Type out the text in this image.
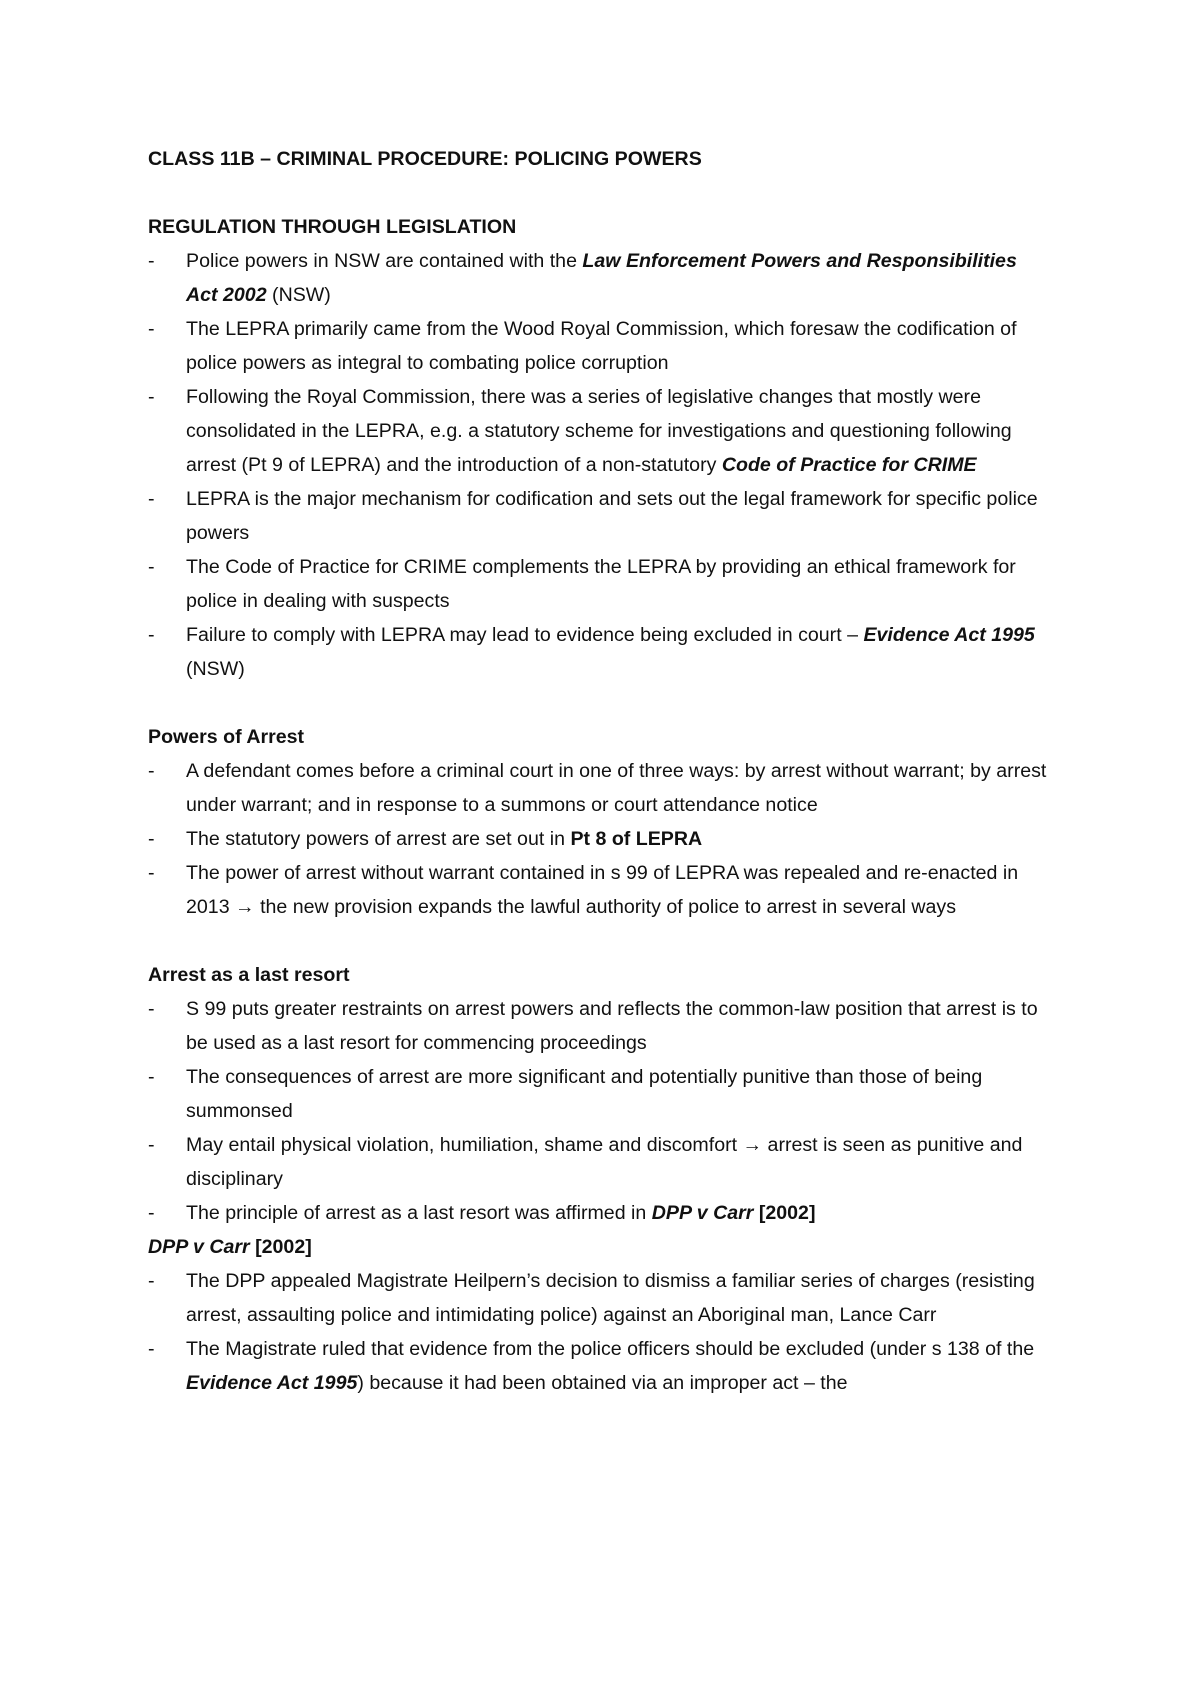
CLASS 11B – CRIMINAL PROCEDURE: POLICING POWERS

REGULATION THROUGH LEGISLATION

- Police powers in NSW are contained with the Law Enforcement Powers and Responsibilities Act 2002 (NSW)
- The LEPRA primarily came from the Wood Royal Commission, which foresaw the codification of police powers as integral to combating police corruption
- Following the Royal Commission, there was a series of legislative changes that mostly were consolidated in the LEPRA, e.g. a statutory scheme for investigations and questioning following arrest (Pt 9 of LEPRA) and the introduction of a non-statutory Code of Practice for CRIME
- LEPRA is the major mechanism for codification and sets out the legal framework for specific police powers
- The Code of Practice for CRIME complements the LEPRA by providing an ethical framework for police in dealing with suspects
- Failure to comply with LEPRA may lead to evidence being excluded in court – Evidence Act 1995 (NSW)

Powers of Arrest

- A defendant comes before a criminal court in one of three ways: by arrest without warrant; by arrest under warrant; and in response to a summons or court attendance notice
- The statutory powers of arrest are set out in Pt 8 of LEPRA
- The power of arrest without warrant contained in s 99 of LEPRA was repealed and re-enacted in 2013 → the new provision expands the lawful authority of police to arrest in several ways

Arrest as a last resort

- S 99 puts greater restraints on arrest powers and reflects the common-law position that arrest is to be used as a last resort for commencing proceedings
- The consequences of arrest are more significant and potentially punitive than those of being summonsed
- May entail physical violation, humiliation, shame and discomfort → arrest is seen as punitive and disciplinary
- The principle of arrest as a last resort was affirmed in DPP v Carr [2002]

DPP v Carr [2002]

- The DPP appealed Magistrate Heilpern’s decision to dismiss a familiar series of charges (resisting arrest, assaulting police and intimidating police) against an Aboriginal man, Lance Carr
- The Magistrate ruled that evidence from the police officers should be excluded (under s 138 of the Evidence Act 1995) because it had been obtained via an improper act – the
